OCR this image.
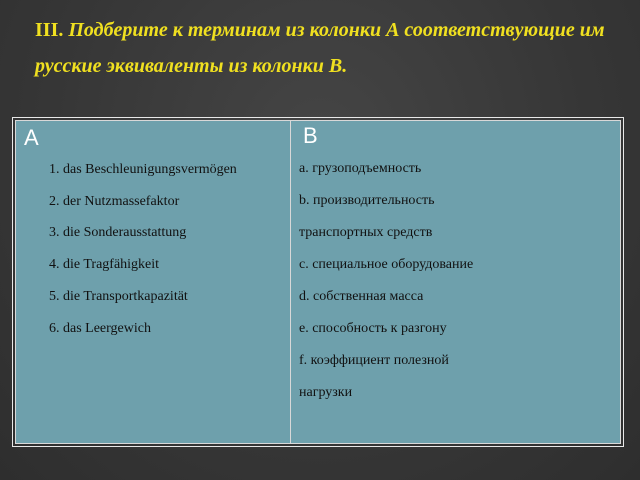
III. Подберите к терминам из колонки А соответствующие им русские эквиваленты из колонки В.
А
1. das Beschleunigungsvermögen
2. der Nutzmassefaktor
3. die Sonderausstattung
4. die Tragfähigkeit
5. die Transportkapazität
6. das Leergewich
В
a. грузоподъемность
b. производительность
транспортных средств
c. специальное оборудование
d. собственная масса
e. способность к разгону
f. коэффициент полезной
нагрузки
